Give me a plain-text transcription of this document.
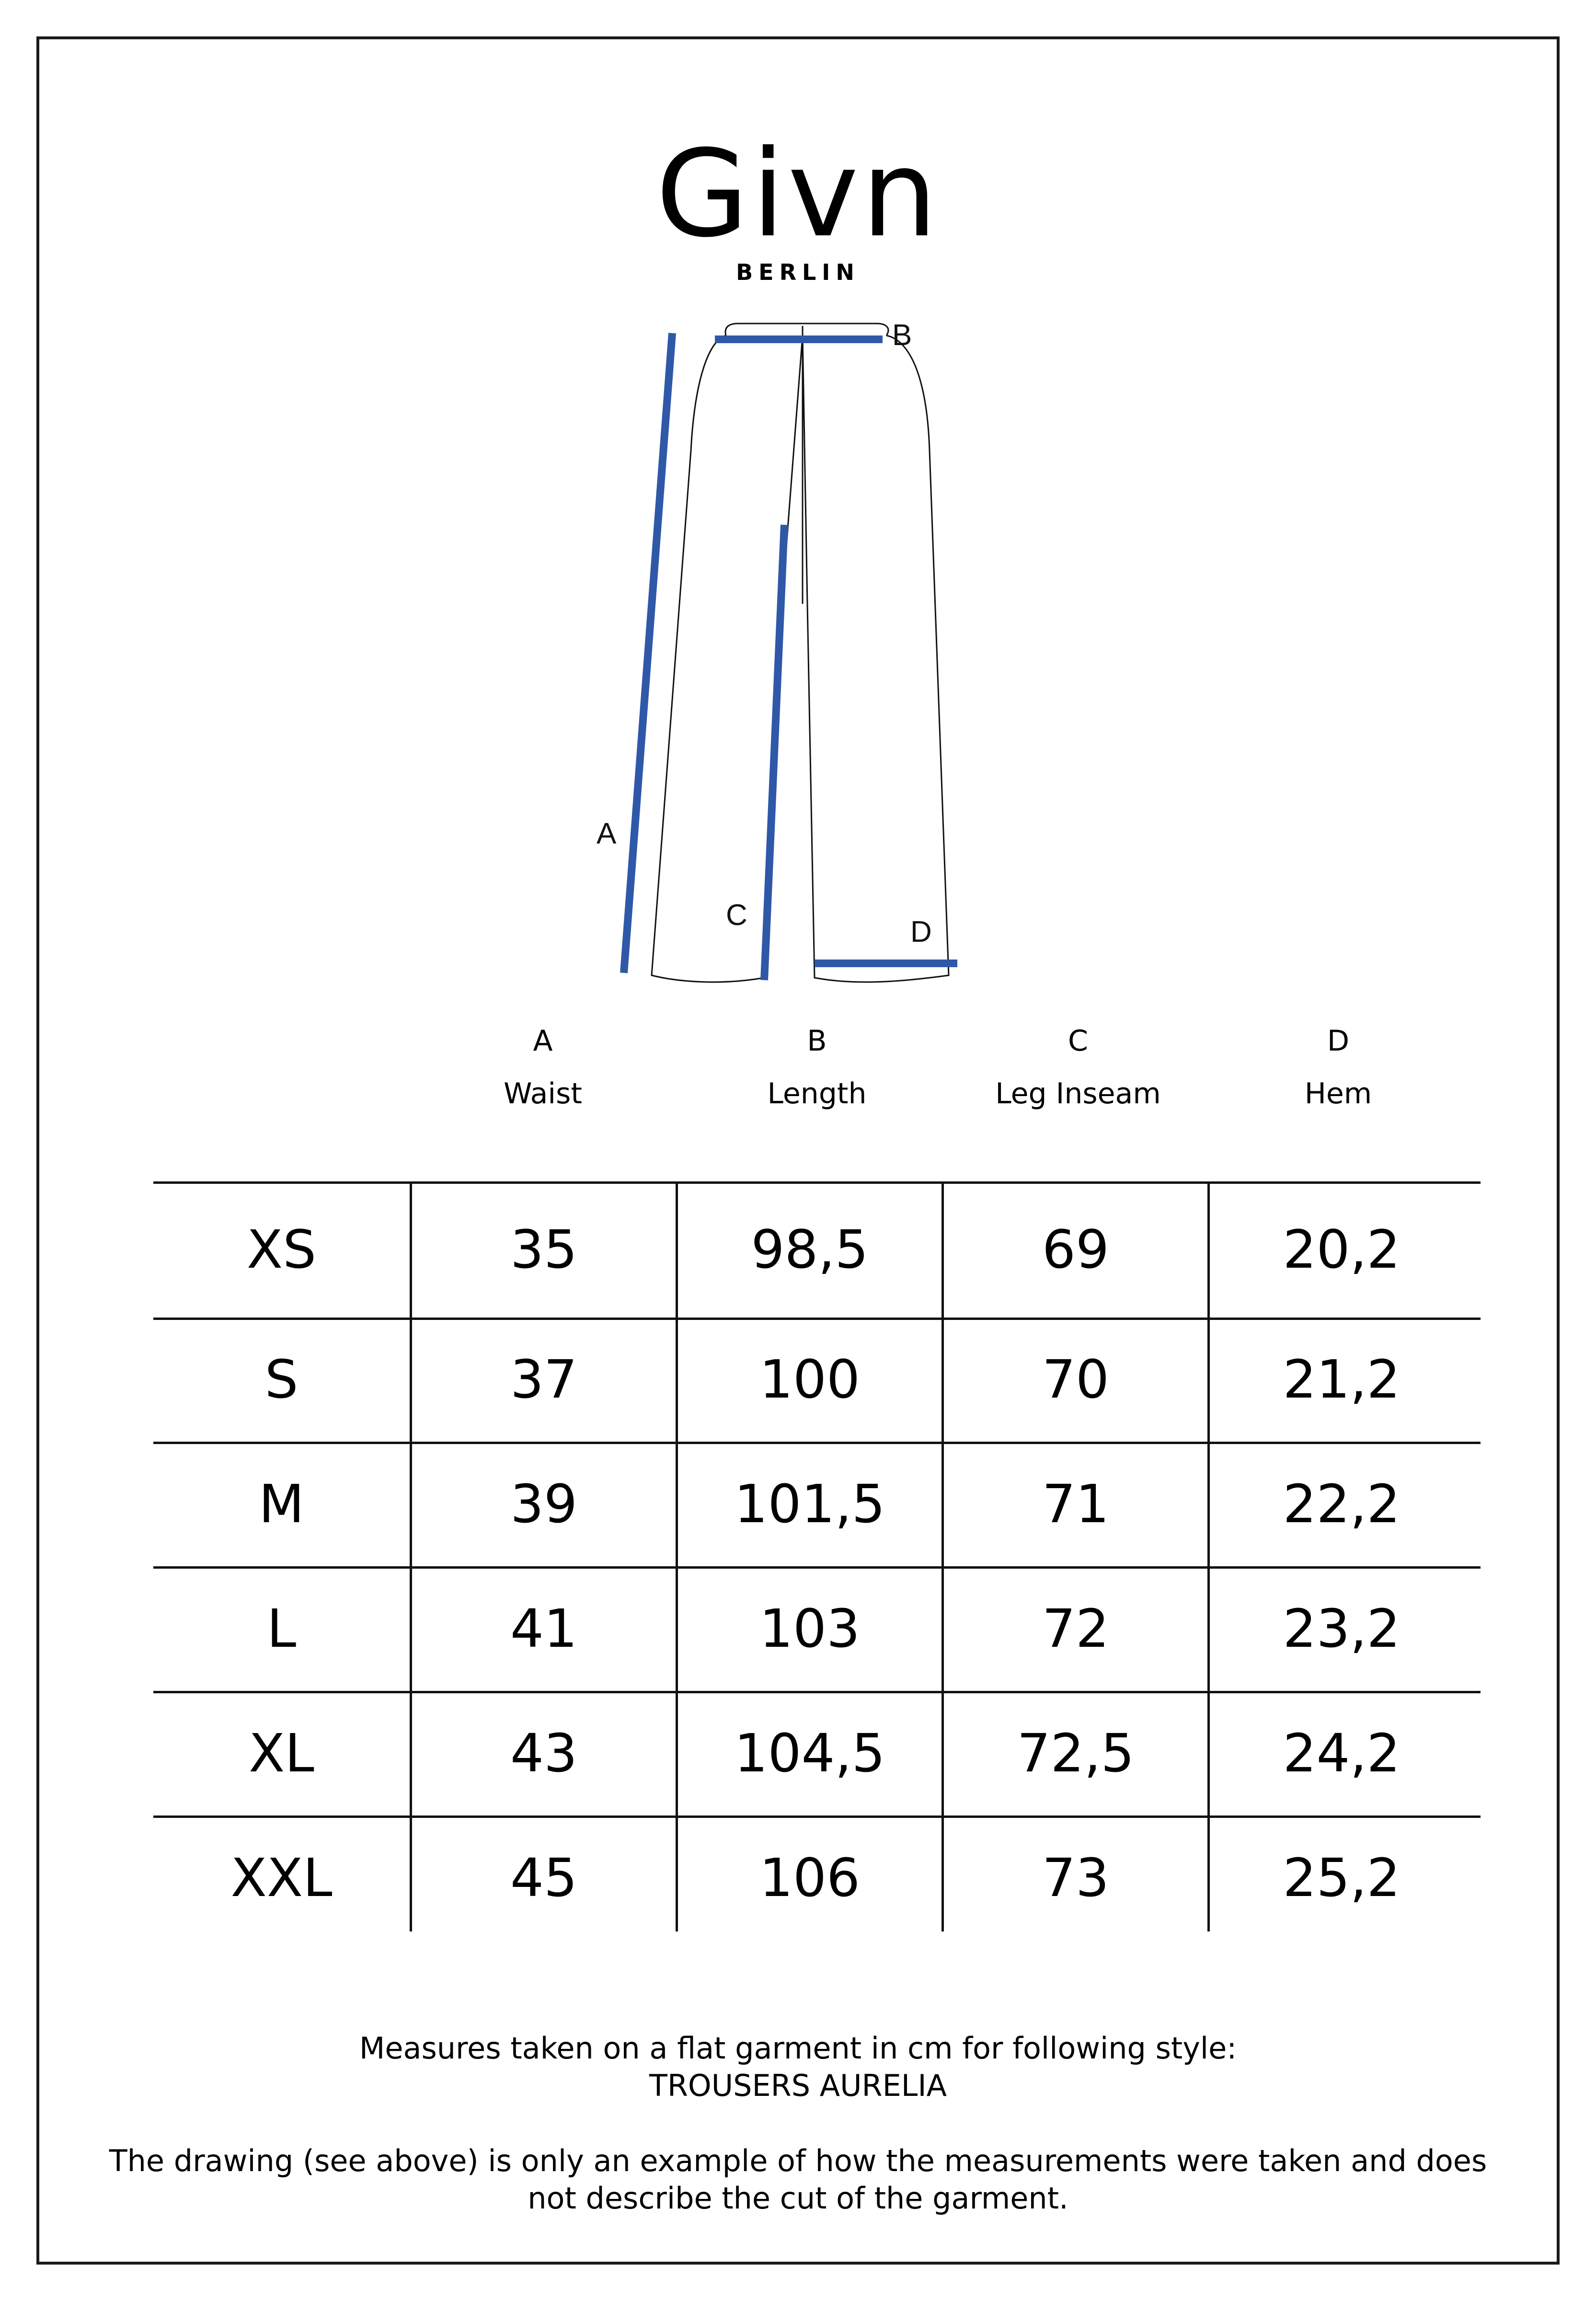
Givn
BERLIN
B
A
C
D
A
Waist
B
Length
C
Leg Inseam
D
Hem
XS	35	98,5	69	20,2
S	37	100	70	21,2
M	39	101,5	71	22,2
L	41	103	72	23,2
XL	43	104,5	72,5	24,2
XXL	45	106	73	25,2
Measures taken on a flat garment in cm for following style:
TROUSERS AURELIA
The drawing (see above) is only an example of how the measurements were taken and does
not describe the cut of the garment.
